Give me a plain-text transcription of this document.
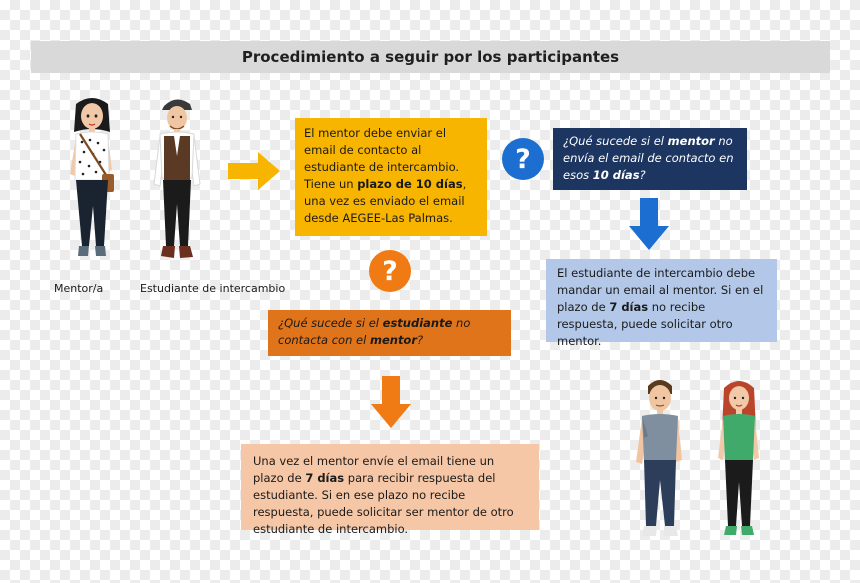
Procedimiento a seguir por los participantes
Mentor/a	Estudiante de intercambio
El mentor debe enviar el email de contacto al estudiante de intercambio. Tiene un plazo de 10 días, una vez es enviado el email desde AEGEE-Las Palmas.
?
¿Qué sucede si el mentor no envía el email de contacto en esos 10 días?
El estudiante de intercambio debe mandar un email al mentor. Si en el plazo de 7 días no recibe respuesta, puede solicitar otro mentor.
?
¿Qué sucede si el estudiante no contacta con el mentor?
Una vez el mentor envíe el email tiene un plazo de 7 días para recibir respuesta del estudiante. Si en ese plazo no recibe respuesta, puede solicitar ser mentor de otro estudiante de intercambio.
